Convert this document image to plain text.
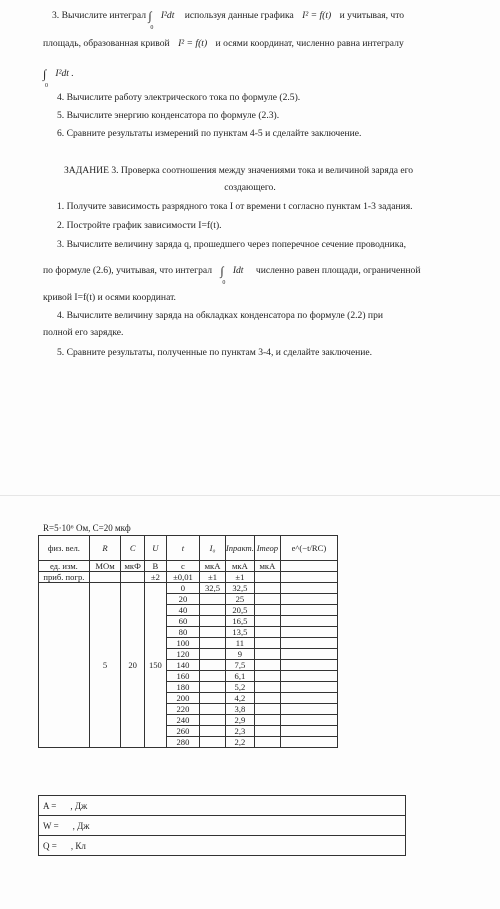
3. Вычислите интеграл ∫
0
I²dt используя данные графика I² = f(t) и учитывая, что
площадь, образованная кривой I² = f(t) и осями координат, численно равна интегралу
∫
0
I²dt .
4. Вычислите работу электрического тока по формуле (2.5).
5. Вычислите энергию конденсатора по формуле (2.3).
6. Сравните результаты измерений по пунктам 4-5 и сделайте заключение.
ЗАДАНИЕ 3. Проверка соотношения между значениями тока и величиной заряда его
создающего.
1. Получите зависимость разрядного тока I от времени t согласно пунктам 1-3 задания.
2. Постройте график зависимости I=f(t).
3. Вычислите величину заряда q, прошедшего через поперечное сечение проводника,
по формуле (2.6), учитывая, что интеграл ∫
0
Idt численно равен площади, ограниченной
кривой I=f(t) и осями координат.
4. Вычислите величину заряда на обкладках конденсатора по формуле (2.2) при
полной его зарядке.
5. Сравните результаты, полученные по пунктам 3-4, и сделайте заключение.
R=5·10⁶ Ом, C=20 мкф
физ. вел.	R	C	U	t	I₀	Iпракт.	Iтеор	e^(−t/RC)
ед. изм.	МОм	мкФ	В	с	мкА	мкА	мкА	
приб. погр.			±2	±0,01	±1	±1		
	5	20	150	0	32,5	32,5		
				20		25		
				40		20,5		
				60		16,5		
				80		13,5		
				100		11		
				120		9		
				140		7,5		
				160		6,1		
				180		5,2		
				200		4,2		
				220		3,8		
				240		2,9		
				260		2,3		
				280		2,2		
A = , Дж
W = , Дж
Q = , Кл
